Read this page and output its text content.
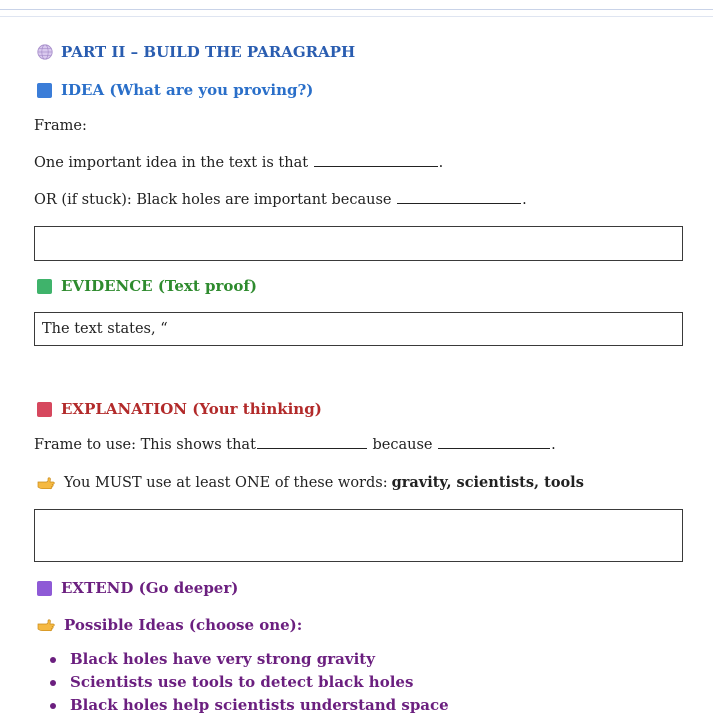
PART II – BUILD THE PARAGRAPH
IDEA (What are you proving?)
Frame:
One important idea in the text is that	.
OR (if stuck): Black holes are important because	.
EVIDENCE (Text proof)
The text states, “
EXPLANATION (Your thinking)
Frame to use: This shows that	because	.
You MUST use at least ONE of these words: gravity, scientists, tools
EXTEND (Go deeper)
Possible Ideas (choose one):
Black holes have very strong gravity
Scientists use tools to detect black holes
Black holes help scientists understand space
